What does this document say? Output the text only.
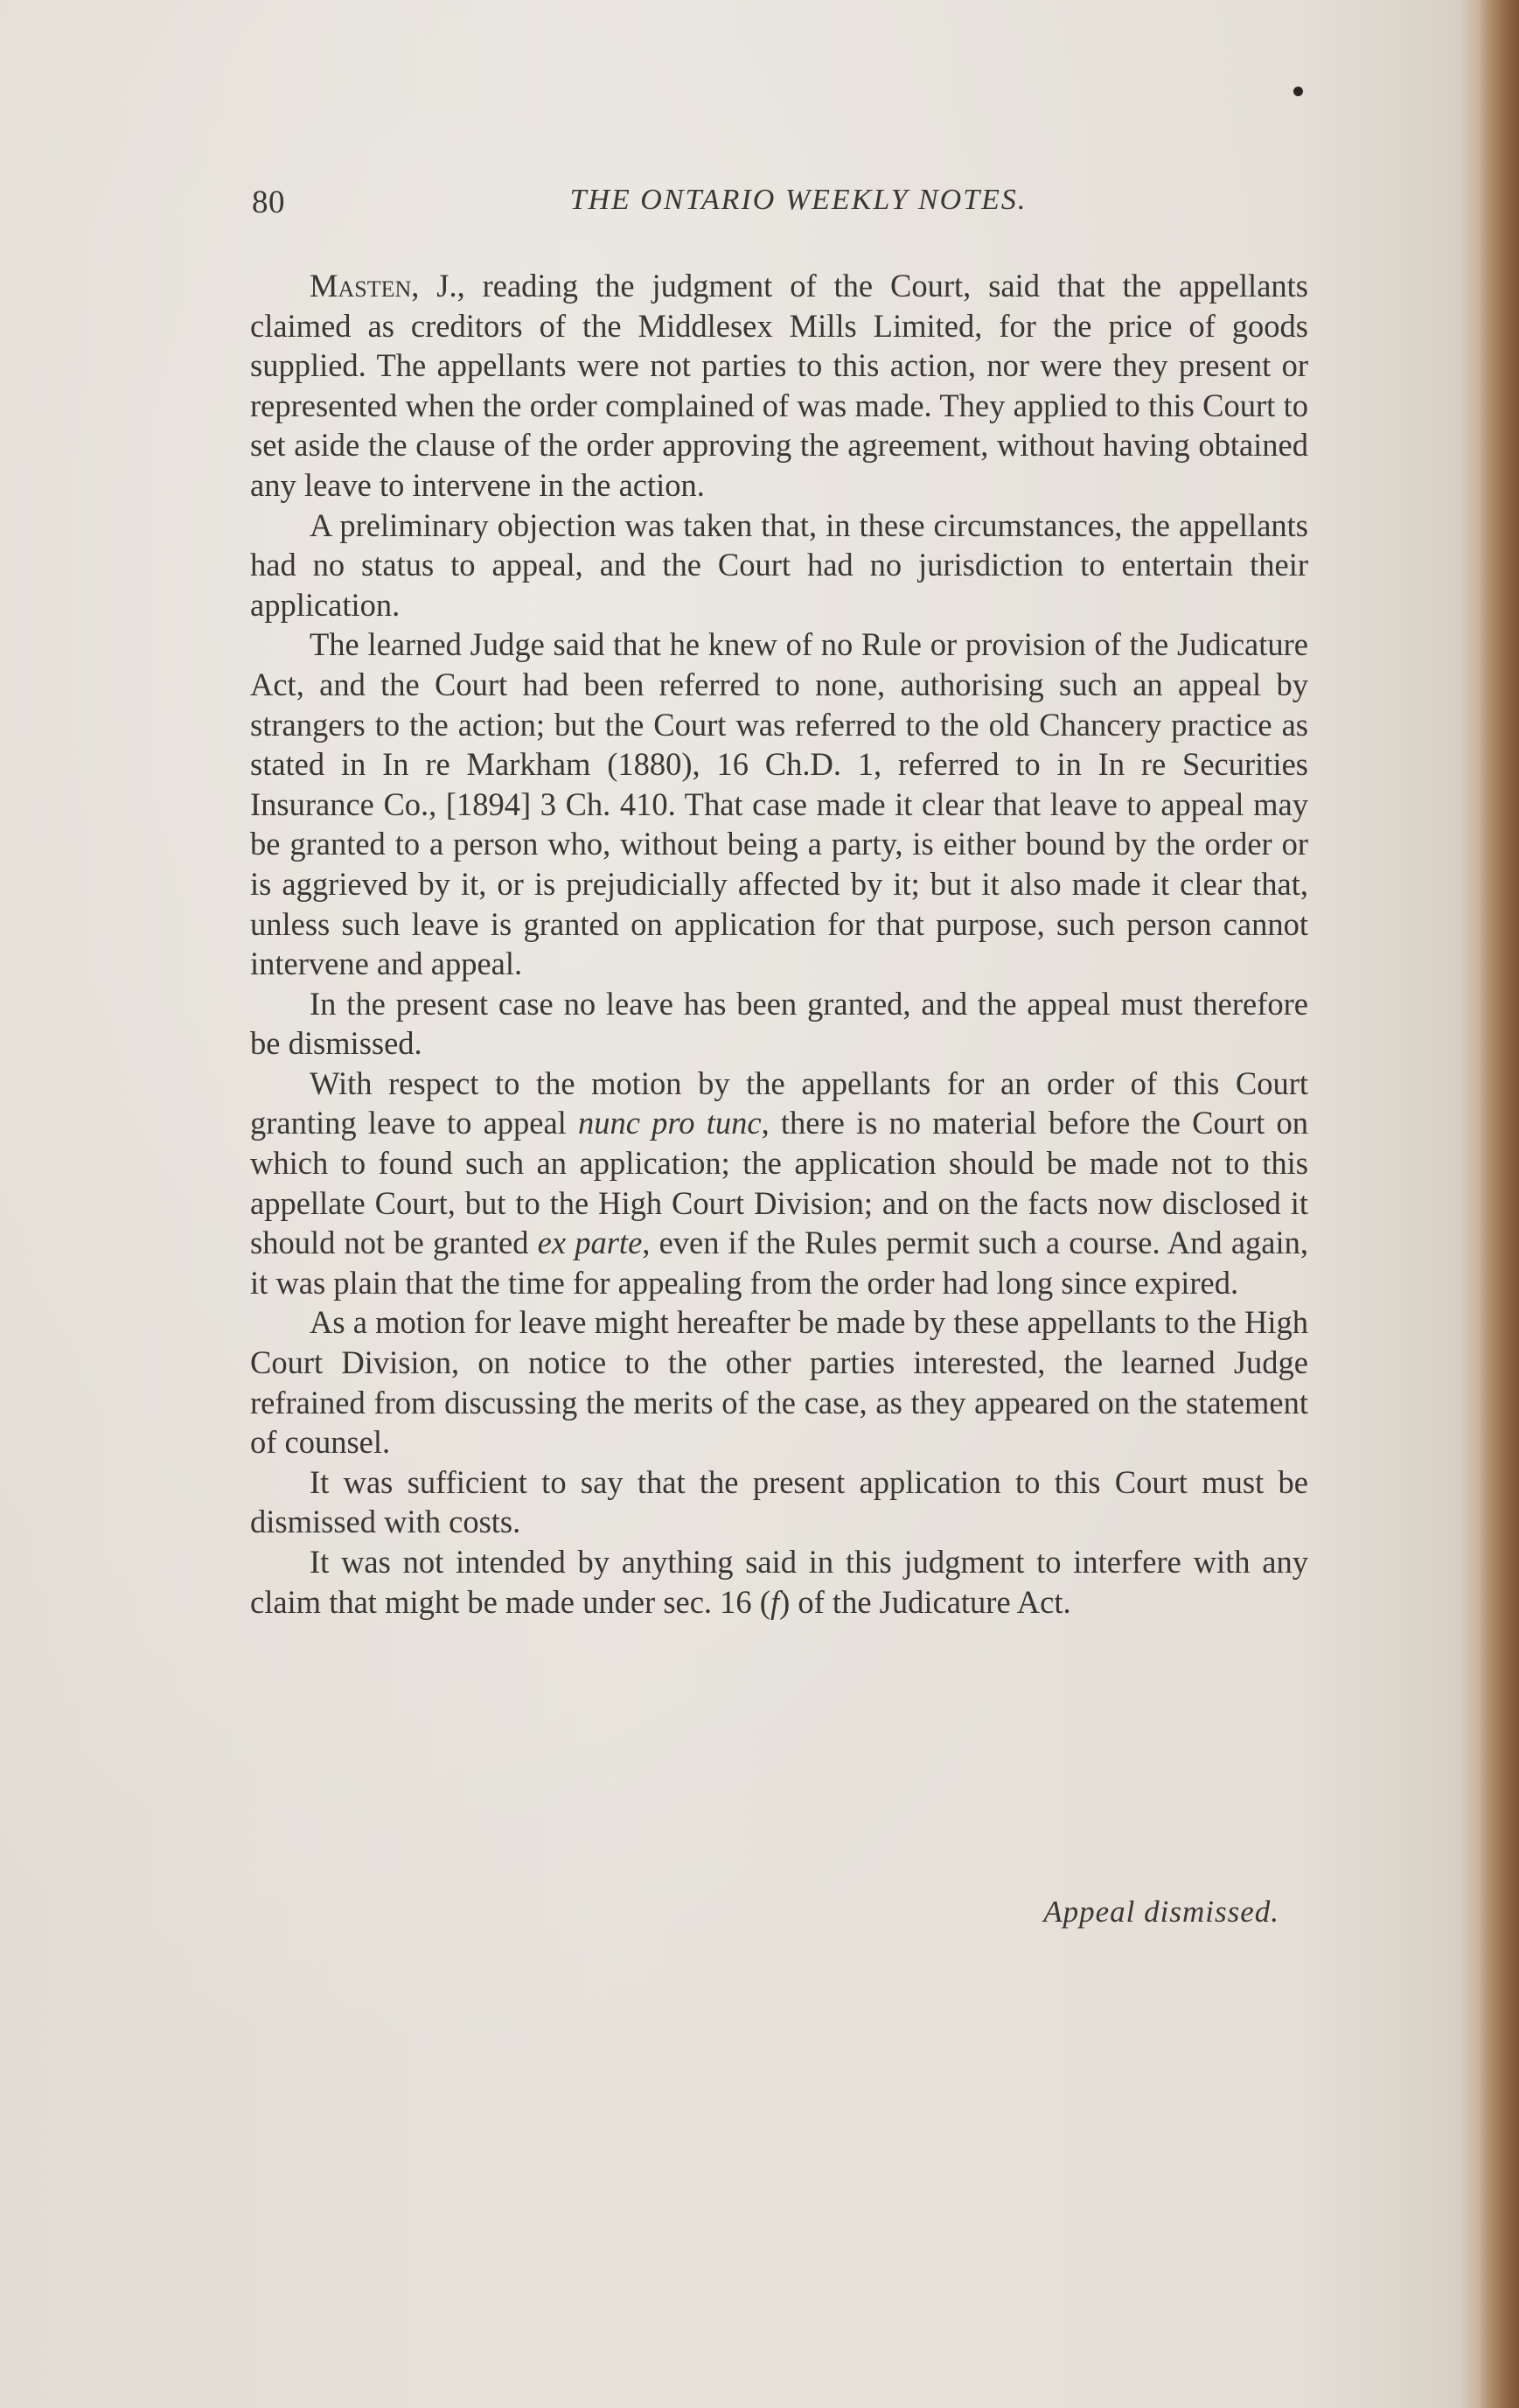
80	THE ONTARIO WEEKLY NOTES.

Masten, J., reading the judgment of the Court, said that the appellants claimed as creditors of the Middlesex Mills Limited, for the price of goods supplied. The appellants were not parties to this action, nor were they present or represented when the order complained of was made. They applied to this Court to set aside the clause of the order approving the agreement, without having obtained any leave to intervene in the action.

A preliminary objection was taken that, in these circumstances, the appellants had no status to appeal, and the Court had no jurisdiction to entertain their application.

The learned Judge said that he knew of no Rule or provision of the Judicature Act, and the Court had been referred to none, authorising such an appeal by strangers to the action; but the Court was referred to the old Chancery practice as stated in In re Markham (1880), 16 Ch.D. 1, referred to in In re Securities Insurance Co., [1894] 3 Ch. 410. That case made it clear that leave to appeal may be granted to a person who, without being a party, is either bound by the order or is aggrieved by it, or is prejudicially affected by it; but it also made it clear that, unless such leave is granted on application for that purpose, such person cannot intervene and appeal.

In the present case no leave has been granted, and the appeal must therefore be dismissed.

With respect to the motion by the appellants for an order of this Court granting leave to appeal nunc pro tunc, there is no material before the Court on which to found such an application; the application should be made not to this appellate Court, but to the High Court Division; and on the facts now disclosed it should not be granted ex parte, even if the Rules permit such a course. And again, it was plain that the time for appealing from the order had long since expired.

As a motion for leave might hereafter be made by these appellants to the High Court Division, on notice to the other parties interested, the learned Judge refrained from discussing the merits of the case, as they appeared on the statement of counsel.

It was sufficient to say that the present application to this Court must be dismissed with costs.

It was not intended by anything said in this judgment to interfere with any claim that might be made under sec. 16 (f) of the Judicature Act.

Appeal dismissed.
